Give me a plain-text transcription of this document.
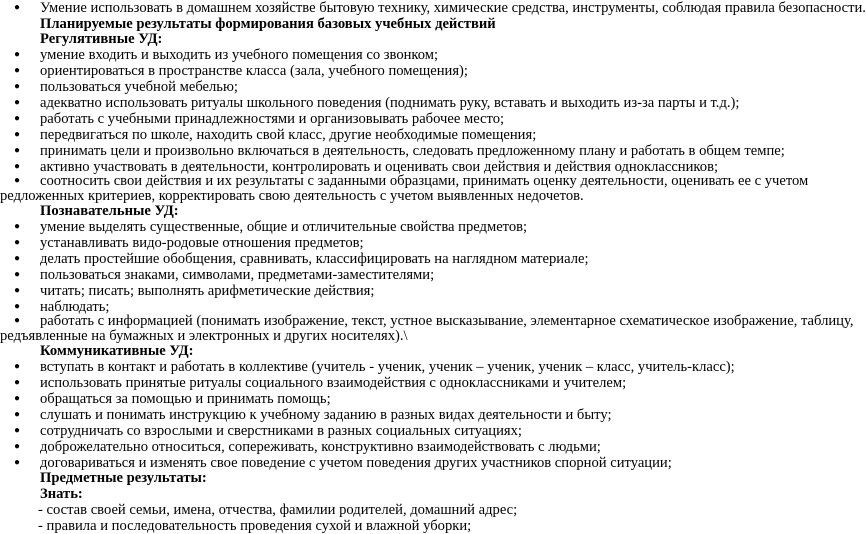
● Умение использовать в домашнем хозяйстве бытовую технику, химические средства, инструменты, соблюдая правила безопасности.
Планируемые результаты формирования базовых учебных действий
Регулятивные УД:
● умение входить и выходить из учебного помещения со звонком;
● ориентироваться в пространстве класса (зала, учебного помещения);
● пользоваться учебной мебелью;
● адекватно использовать ритуалы школьного поведения (поднимать руку, вставать и выходить из-за парты и т.д.);
● работать с учебными принадлежностями и организовывать рабочее место;
● передвигаться по школе, находить свой класс, другие необходимые помещения;
● принимать цели и произвольно включаться в деятельность, следовать предложенному плану и работать в общем темпе;
● активно участвовать в деятельности, контролировать и оценивать свои действия и действия одноклассников;
● соотносить свои действия и их результаты с заданными образцами, принимать оценку деятельности, оценивать ее с учетом
редложенных критериев, корректировать свою деятельность с учетом выявленных недочетов.
Познавательные УД:
● умение выделять существенные, общие и отличительные свойства предметов;
● устанавливать видо-родовые отношения предметов;
● делать простейшие обобщения, сравнивать, классифицировать на наглядном материале;
● пользоваться знаками, символами, предметами-заместителями;
● читать; писать; выполнять арифметические действия;
● наблюдать;
● работать с информацией (понимать изображение, текст, устное высказывание, элементарное схематическое изображение, таблицу,
редъявленные на бумажных и электронных и других носителях).\
Коммуникативные УД:
● вступать в контакт и работать в коллективе (учитель - ученик, ученик – ученик, ученик – класс, учитель-класс);
● использовать принятые ритуалы социального взаимодействия с одноклассниками и учителем;
● обращаться за помощью и принимать помощь;
● слушать и понимать инструкцию к учебному заданию в разных видах деятельности и быту;
● сотрудничать со взрослыми и сверстниками в разных социальных ситуациях;
● доброжелательно относиться, сопереживать, конструктивно взаимодействовать с людьми;
● договариваться и изменять свое поведение с учетом поведения других участников спорной ситуации;
Предметные результаты:
Знать:
- состав своей семьи, имена, отчества, фамилии родителей, домашний адрес;
- правила и последовательность проведения сухой и влажной уборки;
